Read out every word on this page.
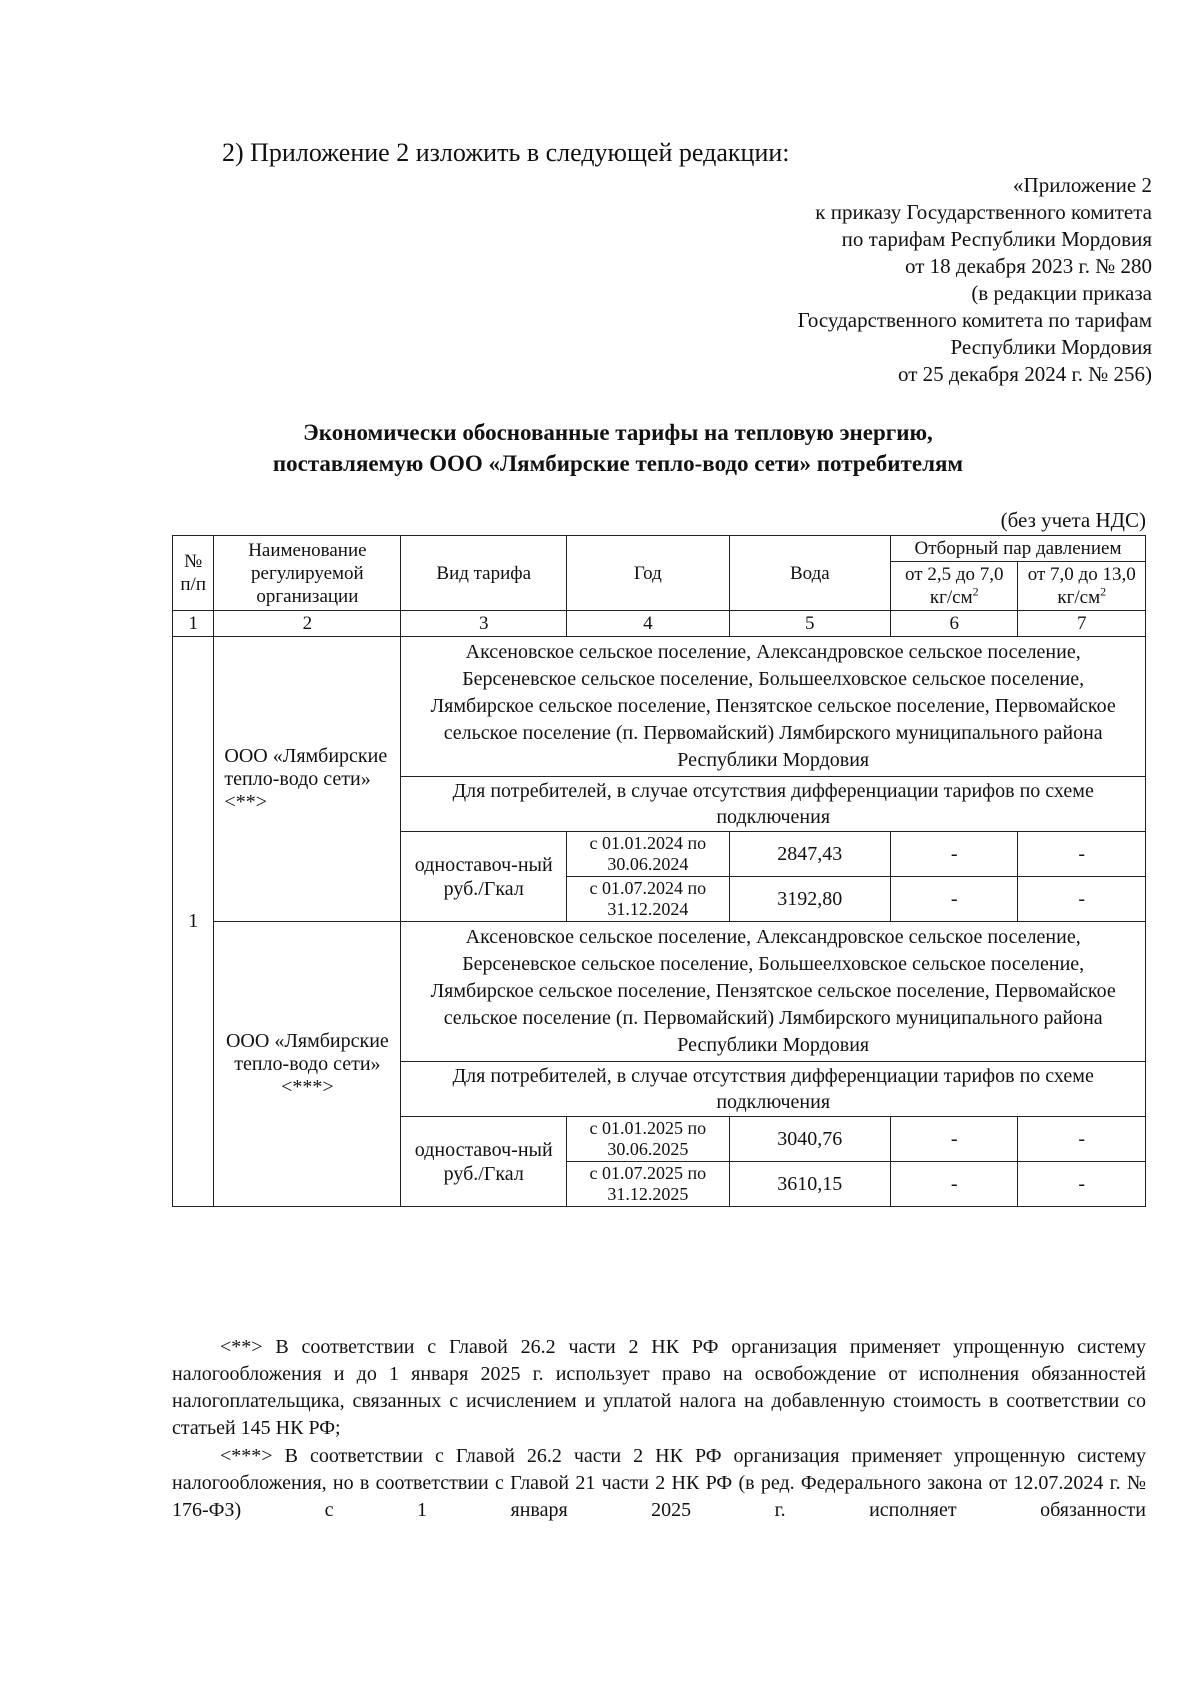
2) Приложение 2 изложить в следующей редакции:
«Приложение 2
к приказу Государственного комитета
по тарифам Республики Мордовия
от 18 декабря 2023 г. № 280
(в редакции приказа
Государственного комитета по тарифам
Республики Мордовия
от 25 декабря 2024 г. № 256)
Экономически обоснованные тарифы на тепловую энергию,
поставляемую ООО «Лямбирские тепло-водо сети» потребителям
(без учета НДС)
№ п/п	Наименование регулируемой организации	Вид тарифа	Год	Вода	Отборный пар давлением	
					от 2,5 до 7,0 $кг/см^2$	от 7,0 до 13,0 $кг/см^2$
1	2	3	4	5	6	7
1	ООО «Лямбирские тепло-водо сети» <**>	Аксеновское сельское поселение, Александровское сельское поселение, Берсеневское сельское поселение, Большеелховское сельское поселение, Лямбирское сельское поселение, Пензятское сельское поселение, Первомайское сельское поселение (п. Первомайский) Лямбирского муниципального района Республики Мордовия				
		Для потребителей, в случае отсутствия дифференциации тарифов по схеме подключения				
		одноставоч-ный руб./Гкал	с 01.01.2024 по 30.06.2024	2847,43	-	-
			с 01.07.2024 по 31.12.2024	3192,80	-	-
	ООО «Лямбирские тепло-водо сети» <***>	Аксеновское сельское поселение, Александровское сельское поселение, Берсеневское сельское поселение, Большеелховское сельское поселение, Лямбирское сельское поселение, Пензятское сельское поселение, Первомайское сельское поселение (п. Первомайский) Лямбирского муниципального района Республики Мордовия				
		Для потребителей, в случае отсутствия дифференциации тарифов по схеме подключения				
		одноставоч-ный руб./Гкал	с 01.01.2025 по 30.06.2025	3040,76	-	-
			с 01.07.2025 по 31.12.2025	3610,15	-	-

<**> В соответствии с Главой 26.2 части 2 НК РФ организация применяет упрощенную систему налогообложения и до 1 января 2025 г. использует право на освобождение от исполнения обязанностей налогоплательщика, связанных с исчислением и уплатой налога на добавленную стоимость в соответствии со статьей 145 НК РФ;

<***> В соответствии с Главой 26.2 части 2 НК РФ организация применяет упрощенную систему налогообложения, но в соответствии с Главой 21 части 2 НК РФ (в ред. Федерального закона от 12.07.2024 г. № 176-ФЗ) с 1 января 2025 г. исполняет обязанности
